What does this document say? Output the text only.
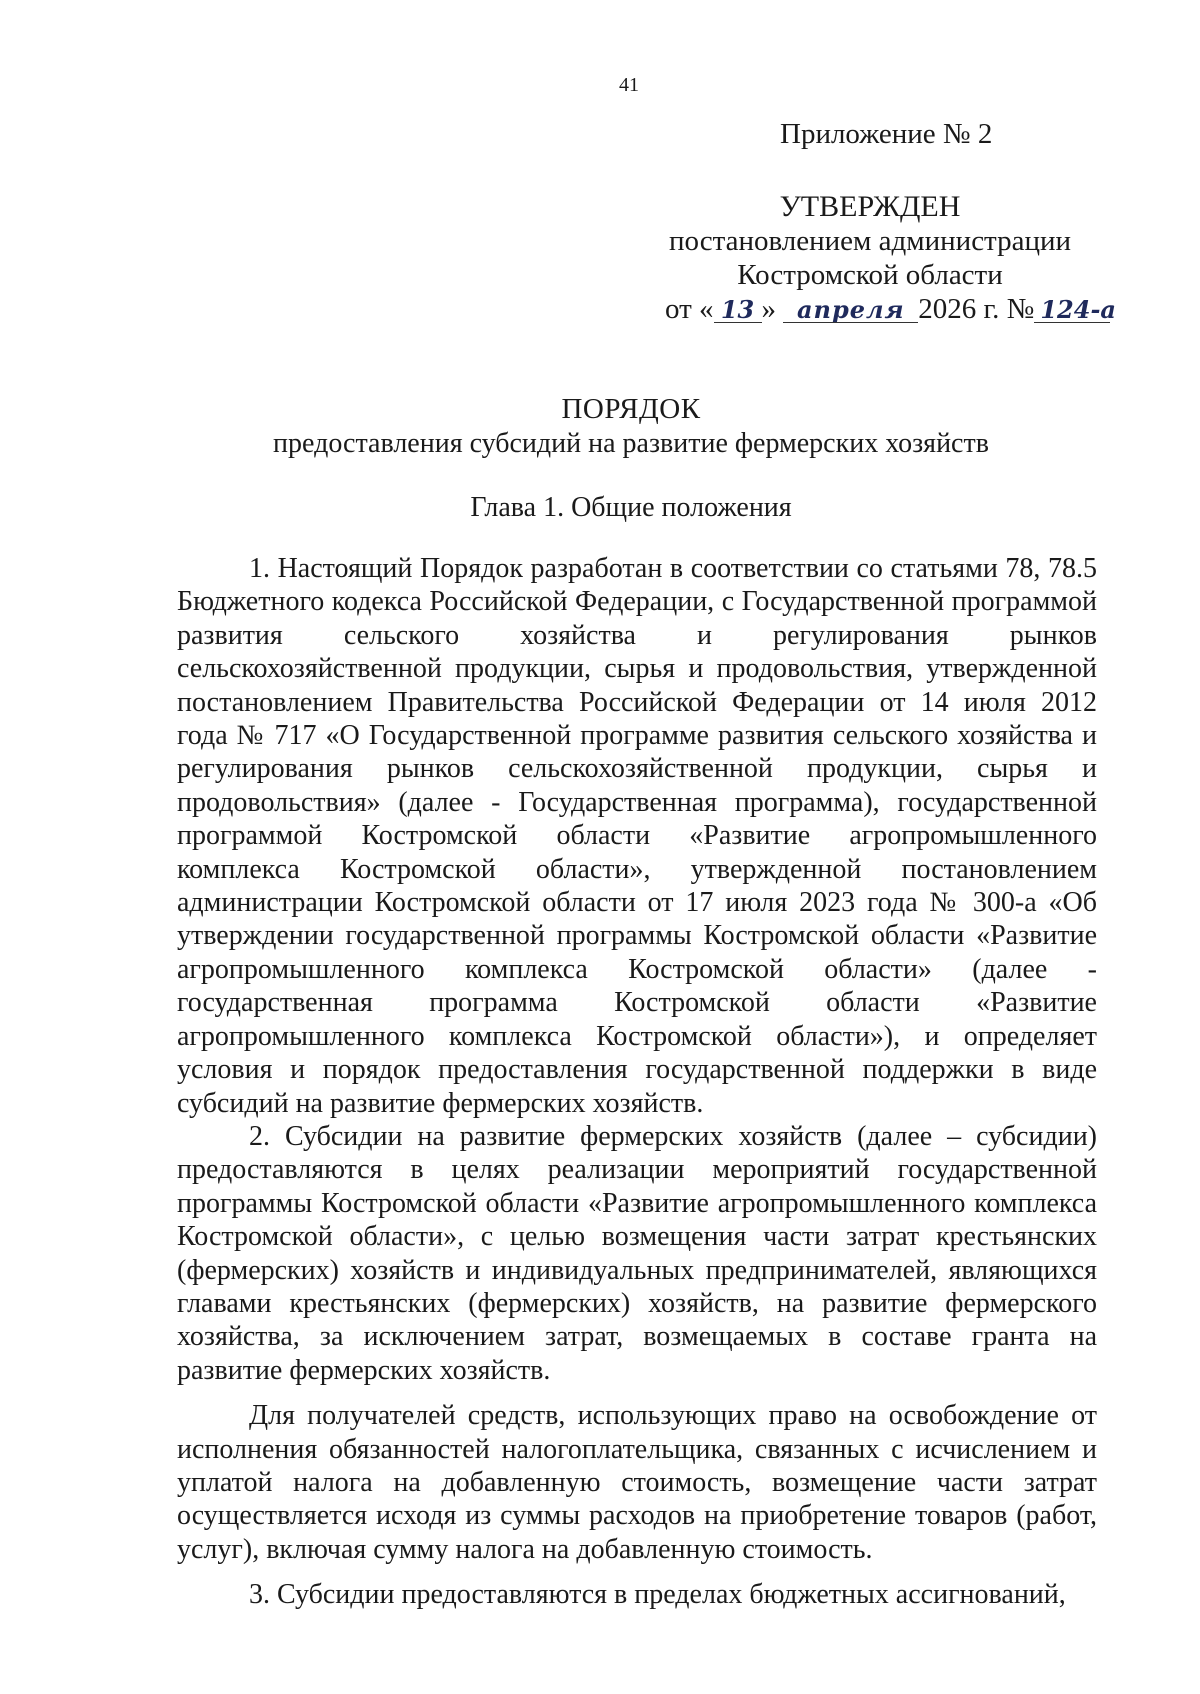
41
Приложение № 2
УТВЕРЖДЕН
постановлением администрации
Костромской области
от « 13 » апреля 2026 г. № 124-а
ПОРЯДОК
предоставления субсидий на развитие фермерских хозяйств
Глава 1. Общие положения

1. Настоящий Порядок разработан в соответствии со статьями 78, 78.5 Бюджетного кодекса Российской Федерации, с Государственной программой развития сельского хозяйства и регулирования рынков сельскохозяйственной продукции, сырья и продовольствия, утвержденной постановлением Правительства Российской Федерации от 14 июля 2012 года № 717 «О Государственной программе развития сельского хозяйства и регулирования рынков сельскохозяйственной продукции, сырья и продовольствия» (далее - Государственная программа), государственной программой Костромской области «Развитие агропромышленного комплекса Костромской области», утвержденной постановлением администрации Костромской области от 17 июля 2023 года № 300-а «Об утверждении государственной программы Костромской области «Развитие агропромышленного комплекса Костромской области» (далее - государственная программа Костромской области «Развитие агропромышленного комплекса Костромской области»), и определяет условия и порядок предоставления государственной поддержки в виде субсидий на развитие фермерских хозяйств.

2. Субсидии на развитие фермерских хозяйств (далее – субсидии) предоставляются в целях реализации мероприятий государственной программы Костромской области «Развитие агропромышленного комплекса Костромской области», с целью возмещения части затрат крестьянских (фермерских) хозяйств и индивидуальных предпринимателей, являющихся главами крестьянских (фермерских) хозяйств, на развитие фермерского хозяйства, за исключением затрат, возмещаемых в составе гранта на развитие фермерских хозяйств.

Для получателей средств, использующих право на освобождение от исполнения обязанностей налогоплательщика, связанных с исчислением и уплатой налога на добавленную стоимость, возмещение части затрат осуществляется исходя из суммы расходов на приобретение товаров (работ, услуг), включая сумму налога на добавленную стоимость.

3. Субсидии предоставляются в пределах бюджетных ассигнований,
